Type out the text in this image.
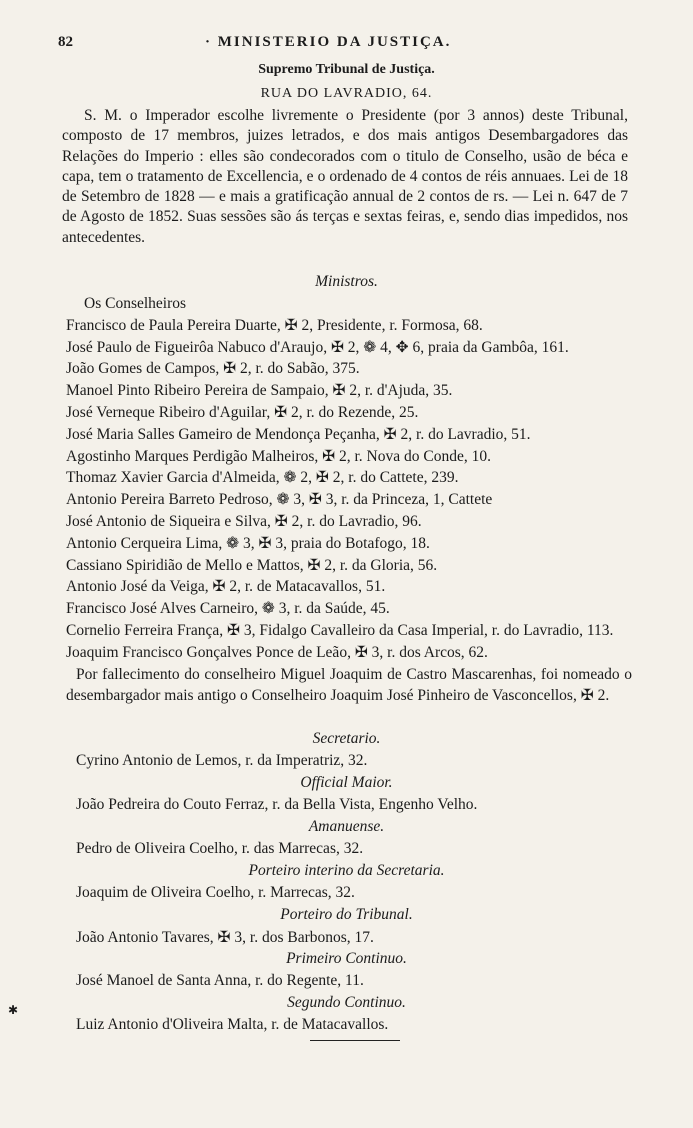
82	· MINISTERIO DA JUSTIÇA.
Supremo Tribunal de Justiça.
RUA DO LAVRADIO, 64.
S. M. o Imperador escolhe livremente o Presidente (por 3 annos) deste Tribunal, composto de 17 membros, juizes letrados, e dos mais antigos Desembargadores das Relações do Imperio : elles são condecorados com o titulo de Conselho, usão de béca e capa, tem o tratamento de Excellencia, e o ordenado de 4 contos de réis annuaes. Lei de 18 de Setembro de 1828 — e mais a gratificação annual de 2 contos de rs. — Lei n. 647 de 7 de Agosto de 1852. Suas sessões são ás terças e sextas feiras, e, sendo dias impedidos, nos antecedentes.
Ministros.
Os Conselheiros
Francisco de Paula Pereira Duarte, ✠ 2, Presidente, r. Formosa, 68.
José Paulo de Figueirôa Nabuco d'Araujo, ✠ 2, ❁ 4, ✥ 6, praia da Gambôa, 161.
João Gomes de Campos, ✠ 2, r. do Sabão, 375.
Manoel Pinto Ribeiro Pereira de Sampaio, ✠ 2, r. d'Ajuda, 35.
José Verneque Ribeiro d'Aguilar, ✠ 2, r. do Rezende, 25.
José Maria Salles Gameiro de Mendonça Peçanha, ✠ 2, r. do Lavradio, 51.
Agostinho Marques Perdigão Malheiros, ✠ 2, r. Nova do Conde, 10.
Thomaz Xavier Garcia d'Almeida, ❁ 2, ✠ 2, r. do Cattete, 239.
Antonio Pereira Barreto Pedroso, ❁ 3, ✠ 3, r. da Princeza, 1, Cattete
José Antonio de Siqueira e Silva, ✠ 2, r. do Lavradio, 96.
Antonio Cerqueira Lima, ❁ 3, ✠ 3, praia do Botafogo, 18.
Cassiano Spiridião de Mello e Mattos, ✠ 2, r. da Gloria, 56.
Antonio José da Veiga, ✠ 2, r. de Matacavallos, 51.
Francisco José Alves Carneiro, ❁ 3, r. da Saúde, 45.
Cornelio Ferreira França, ✠ 3, Fidalgo Cavalleiro da Casa Imperial, r. do Lavradio, 113.
Joaquim Francisco Gonçalves Ponce de Leão, ✠ 3, r. dos Arcos, 62.
Por fallecimento do conselheiro Miguel Joaquim de Castro Mascarenhas, foi nomeado o desembargador mais antigo o Conselheiro Joaquim José Pinheiro de Vasconcellos, ✠ 2.
Secretario.
Cyrino Antonio de Lemos, r. da Imperatriz, 32.
Official Maior.
João Pedreira do Couto Ferraz, r. da Bella Vista, Engenho Velho.
Amanuense.
Pedro de Oliveira Coelho, r. das Marrecas, 32.
Porteiro interino da Secretaria.
Joaquim de Oliveira Coelho, r. Marrecas, 32.
Porteiro do Tribunal.
João Antonio Tavares, ✠ 3, r. dos Barbonos, 17.
Primeiro Continuo.
José Manoel de Santa Anna, r. do Regente, 11.
Segundo Continuo.
Luiz Antonio d'Oliveira Malta, r. de Matacavallos.
✱
